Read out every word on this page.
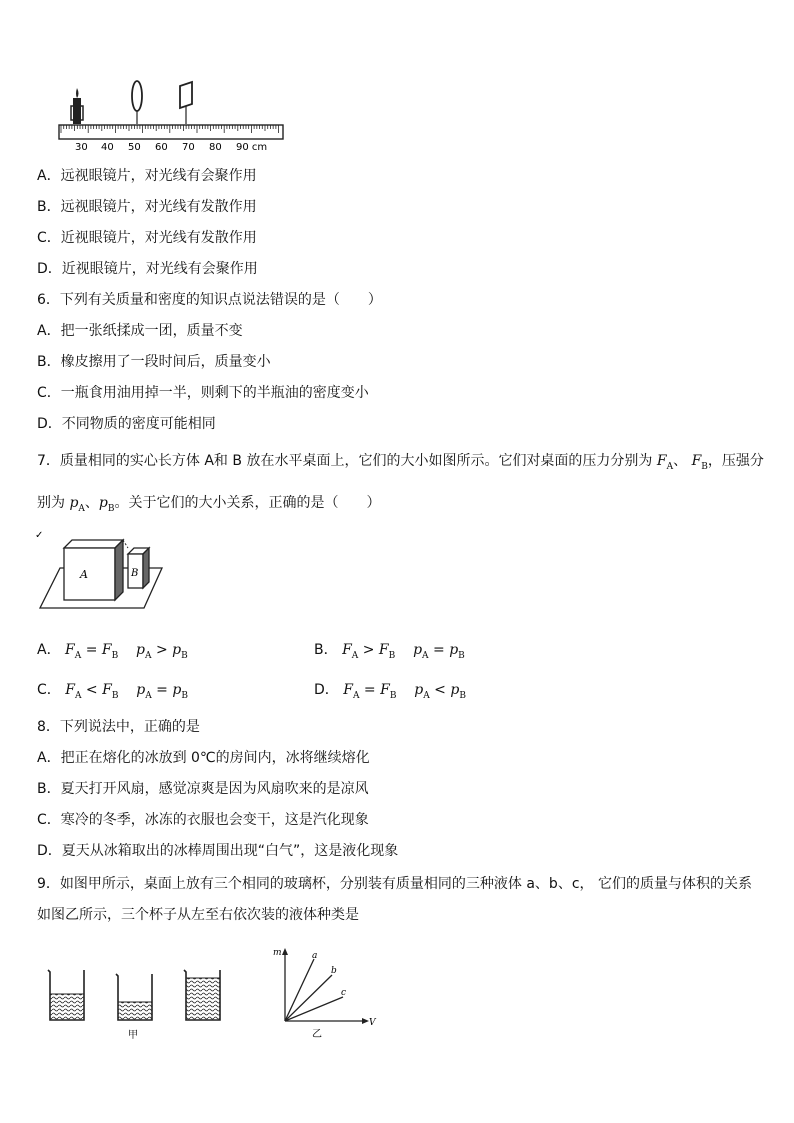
30 40 50 60 70 80 90 cm
A．远视眼镜片，对光线有会聚作用
B．远视眼镜片，对光线有发散作用
C．近视眼镜片，对光线有发散作用
D．近视眼镜片，对光线有会聚作用
6．下列有关质量和密度的知识点说法错误的是（　　）
A．把一张纸揉成一团，质量不变
B．橡皮擦用了一段时间后，质量变小
C．一瓶食用油用掉一半，则剩下的半瓶油的密度变小
D．不同物质的密度可能相同
7．质量相同的实心长方体 A和 B 放在水平桌面上，它们的大小如图所示。它们对桌面的压力分别为 $F_A$、 $F_B$，压强分
别为 $p_A$、$p_B$。关于它们的大小关系，正确的是（　　）
✓
A	B
A． $F_A = F_B$ $p_A > p_B$	B． $F_A > F_B$ $p_A = p_B$
C． $F_A < F_B$ $p_A = p_B$	D． $F_A = F_B$ $p_A < p_B$
8．下列说法中，正确的是
A．把正在熔化的冰放到 0℃的房间内，冰将继续熔化
B．夏天打开风扇，感觉凉爽是因为风扇吹来的是凉风
C．寒冷的冬季，冰冻的衣服也会变干，这是汽化现象
D．夏天从冰箱取出的冰棒周围出现“白气”，这是液化现象
9．如图甲所示，桌面上放有三个相同的玻璃杯，分别装有质量相同的三种液体 a、b、c， 它们的质量与体积的关系
如图乙所示，三个杯子从左至右依次装的液体种类是
甲
m
V
a
b
c
乙
